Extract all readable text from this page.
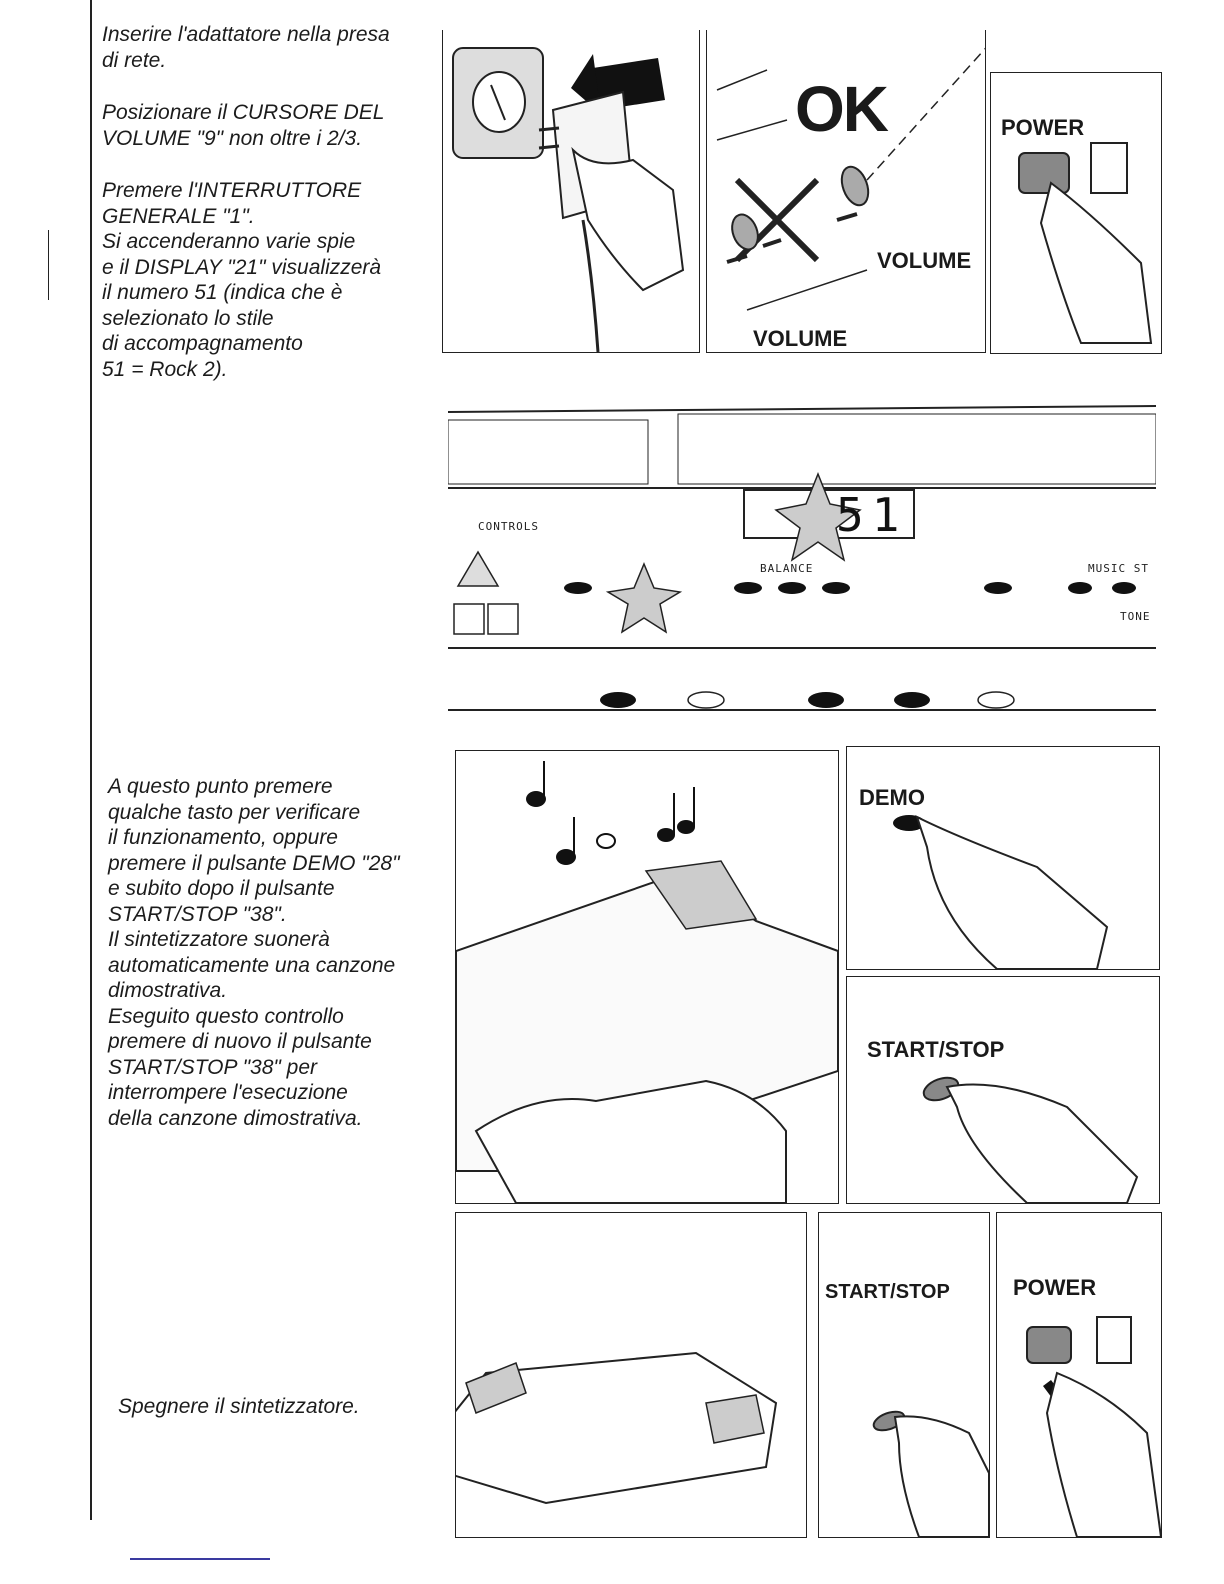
Inserire l'adattatore nella presa
di rete.

Posizionare il CURSORE DEL
VOLUME "9" non oltre i 2/3.

Premere l'INTERRUTTORE
GENERALE "1".
Si accenderanno varie spie
e il DISPLAY "21" visualizzerà
il numero 51 (indica che è
selezionato lo stile
di accompagnamento
51 = Rock 2).

A questo punto premere
qualche tasto per verificare
il funzionamento, oppure
premere il pulsante DEMO "28"
e subito dopo il pulsante
START/STOP "38".
Il sintetizzatore suonerà
automaticamente una canzone
dimostrativa.
Eseguito questo controllo
premere di nuovo il pulsante
START/STOP "38" per
interrompere l'esecuzione
della canzone dimostrativa.

Spegnere il sintetizzatore.

OK
VOLUME
VOLUME
POWER
CONTROLS
BALANCE	MUSIC ST
TONE
51
DEMO
START/STOP
START/STOP	POWER
